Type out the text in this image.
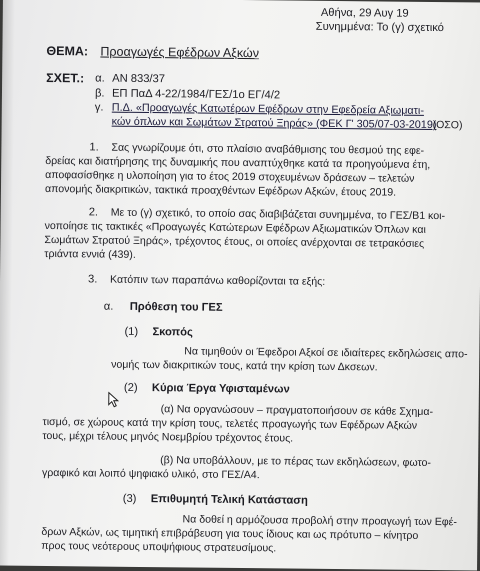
Αθήνα, 29 Αυγ 19
Συνημμένα: Το (γ) σχετικό
ΘΕΜΑ: Προαγωγές Εφέδρων Αξκών
ΣΧΕΤ.: α. ΑΝ 833/37
β. ΕΠ ΠαΔ 4-22/1984/ΓΕΣ/1ο ΕΓ/4/2
γ. Π.Δ. «Προαγωγές Κατωτέρων Εφέδρων στην Εφεδρεία Αξιωματι-
κών όπλων και Σωμάτων Στρατού Ξηράς» (ΦΕΚ Γ' 305/07-03-2019)
(ΟΣΟ)
1. Σας γνωρίζουμε ότι, στο πλαίσιο αναβάθμισης του θεσμού της εφε-
δρείας και διατήρησης της δυναμικής που αναπτύχθηκε κατά τα προηγούμενα έτη,
αποφασίσθηκε η υλοποίηση για το έτος 2019 στοχευμένων δράσεων – τελετών
απονομής διακριτικών, τακτικά προαχθέντων Εφέδρων Αξκών, έτους 2019.
2. Με το (γ) σχετικό, το οποίο σας διαβιβάζεται συνημμένα, το ΓΕΣ/Β1 κοι-
νοποίησε τις τακτικές «Προαγωγές Κατώτερων Εφέδρων Αξιωματικών Όπλων και
Σωμάτων Στρατού Ξηράς», τρέχοντος έτους, οι οποίες ανέρχονται σε τετρακόσιες
τριάντα εννιά (439).
3. Κατόπιν των παραπάνω καθορίζονται τα εξής:
α. Πρόθεση του ΓΕΣ
(1) Σκοπός
Να τιμηθούν οι Έφεδροι Αξκοί σε ιδιαίτερες εκδηλώσεις απο-
νομής των διακριτικών τους, κατά την κρίση των Δκσεων.
(2) Κύρια Έργα Υφισταμένων
(α) Να οργανώσουν – πραγματοποιήσουν σε κάθε Σχημα-
τισμό, σε χώρους κατά την κρίση τους, τελετές προαγωγής των Εφέδρων Αξκών
τους, μέχρι τέλους μηνός Νοεμβρίου τρέχοντος έτους.
(β) Να υποβάλλουν, με το πέρας των εκδηλώσεων, φωτο-
γραφικό και λοιπό ψηφιακό υλικό, στο ΓΕΣ/Α4.
(3) Επιθυμητή Τελική Κατάσταση
Να δοθεί η αρμόζουσα προβολή στην προαγωγή των Εφέ-
δρων Αξκών, ως τιμητική επιβράβευση για τους ίδιους και ως πρότυπο – κίνητρο
προς τους νεότερους υποψήφιους στρατευσίμους.
